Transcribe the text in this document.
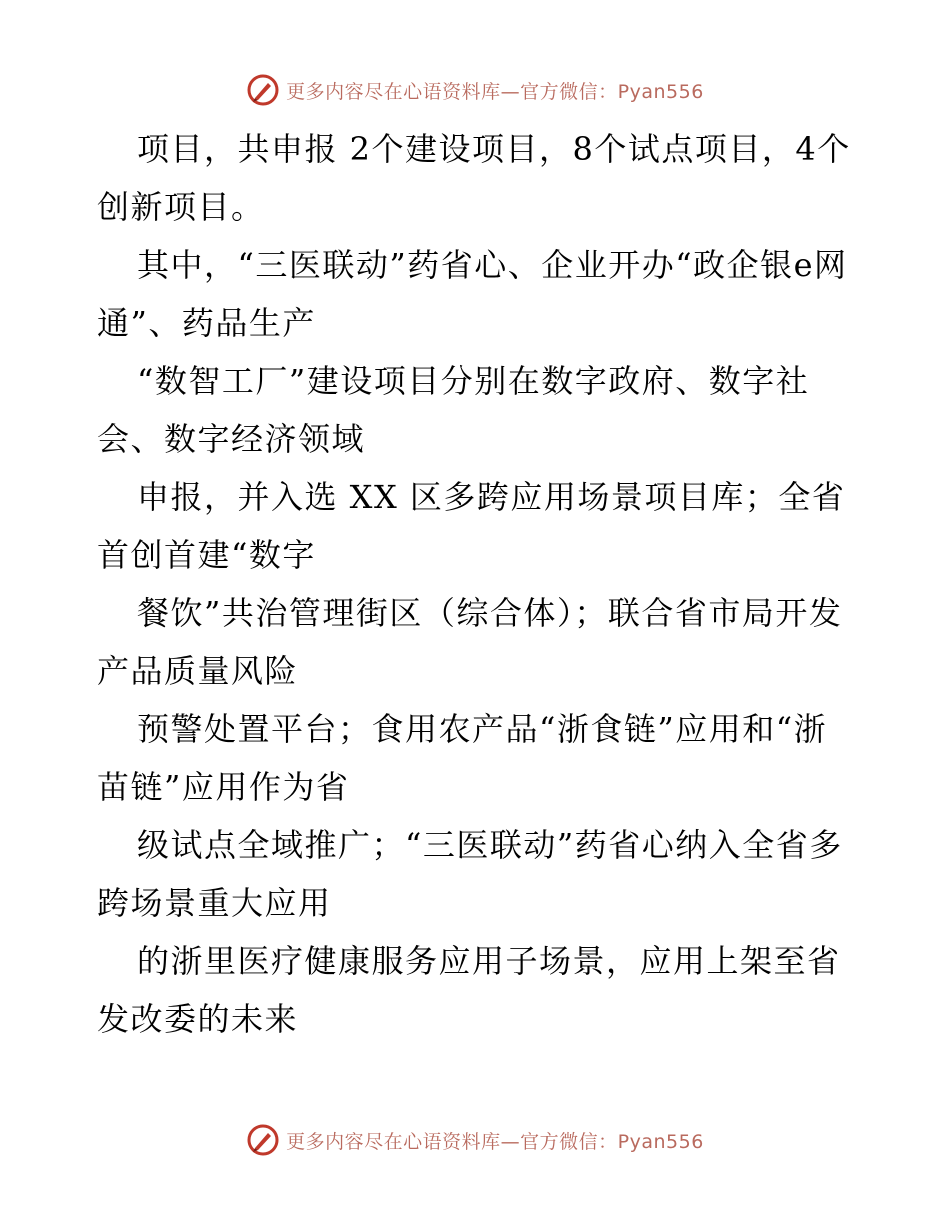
更多内容尽在心语资料库—官方微信：Pyan556

项目，共申报 2个建设项目，8个试点项目，4个创新项目。

其中，“三医联动”药省心、企业开办“政企银e网通”、药品生产

“数智工厂”建设项目分别在数字政府、数字社会、数字经济领域

申报，并入选 XX 区多跨应用场景项目库；全省首创首建“数字

餐饮”共治管理街区（综合体）；联合省市局开发产品质量风险

预警处置平台；食用农产品“浙食链”应用和“浙苗链”应用作为省

级试点全域推广；“三医联动”药省心纳入全省多跨场景重大应用

的浙里医疗健康服务应用子场景，应用上架至省发改委的未来

更多内容尽在心语资料库—官方微信：Pyan556
